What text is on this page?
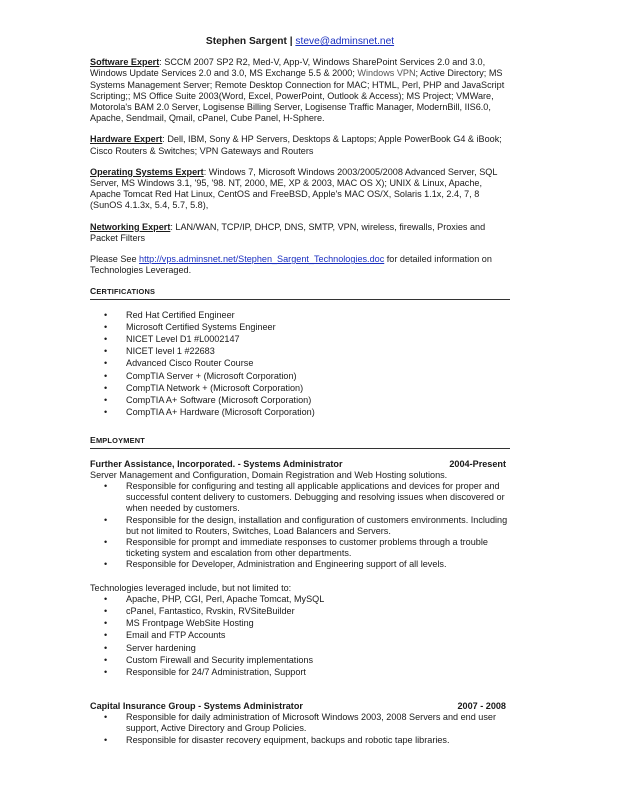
Stephen Sargent | steve@adminsnet.net

Software Expert: SCCM 2007 SP2 R2, Med-V, App-V, Windows SharePoint Services 2.0 and 3.0, Windows Update Services 2.0 and 3.0, MS Exchange 5.5 & 2000; Windows VPN; Active Directory; MS Systems Management Server; Remote Desktop Connection for MAC; HTML, Perl, PHP and JavaScript Scripting;; MS Office Suite 2003(Word, Excel, PowerPoint, Outlook & Access); MS Project; VMWare, Motorola's BAM 2.0 Server, Logisense Billing Server, Logisense Traffic Manager, ModernBill, IIS6.0, Apache, Sendmail, Qmail, cPanel, Cube Panel, H-Sphere.

Hardware Expert: Dell, IBM, Sony & HP Servers, Desktops & Laptops; Apple PowerBook G4 & iBook; Cisco Routers & Switches; VPN Gateways and Routers

Operating Systems Expert: Windows 7, Microsoft Windows 2003/2005/2008 Advanced Server, SQL Server, MS Windows 3.1, '95, '98. NT, 2000, ME, XP & 2003, MAC OS X); UNIX & Linux, Apache, Apache Tomcat Red Hat Linux, CentOS and FreeBSD, Apple's MAC OS/X, Solaris 1.1x, 2.4, 7, 8 (SunOS 4.1.3x, 5.4, 5.7, 5.8),

Networking Expert: LAN/WAN, TCP/IP, DHCP, DNS, SMTP, VPN, wireless, firewalls, Proxies and Packet Filters

Please See http://vps.adminsnet.net/Stephen_Sargent_Technologies.doc for detailed information on Technologies Leveraged.

CERTIFICATIONS
• Red Hat Certified Engineer
• Microsoft Certified Systems Engineer
• NICET Level D1 #L0002147
• NICET level 1 #22683
• Advanced Cisco Router Course
• CompTIA Server + (Microsoft Corporation)
• CompTIA Network + (Microsoft Corporation)
• CompTIA A+ Software (Microsoft Corporation)
• CompTIA A+ Hardware (Microsoft Corporation)
EMPLOYMENT
Further Assistance, Incorporated. - Systems Administrator	2004-Present
Server Management and Configuration, Domain Registration and Web Hosting solutions.
• Responsible for configuring and testing all applicable applications and devices for proper and successful content delivery to customers. Debugging and resolving issues when discovered or when needed by customers.
• Responsible for the design, installation and configuration of customers environments. Including but not limited to Routers, Switches, Load Balancers and Servers.
• Responsible for prompt and immediate responses to customer problems through a trouble ticketing system and escalation from other departments.
• Responsible for Developer, Administration and Engineering support of all levels.
Technologies leveraged include, but not limited to:
• Apache, PHP, CGI, Perl, Apache Tomcat, MySQL
• cPanel, Fantastico, Rvskin, RVSiteBuilder
• MS Frontpage WebSite Hosting
• Email and FTP Accounts
• Server hardening
• Custom Firewall and Security implementations
• Responsible for 24/7 Administration, Support
Capital Insurance Group - Systems Administrator	2007 - 2008
• Responsible for daily administration of Microsoft Windows 2003, 2008 Servers and end user support, Active Directory and Group Policies.
• Responsible for disaster recovery equipment, backups and robotic tape libraries.
